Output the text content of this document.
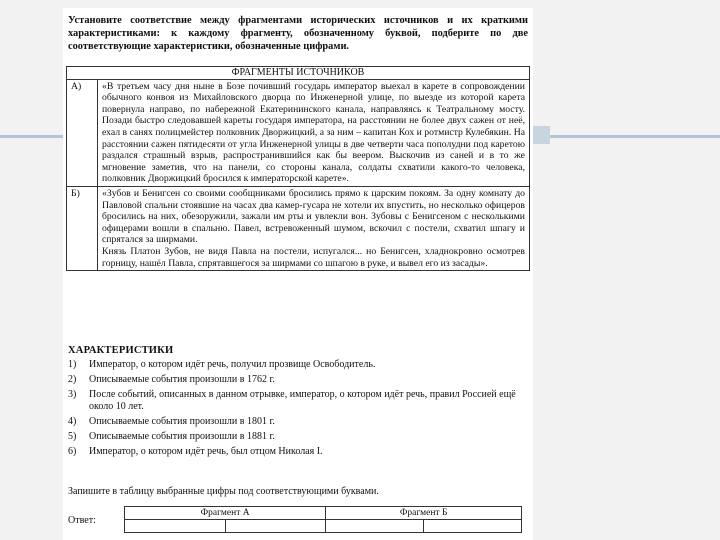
Установите соответствие между фрагментами исторических источников и их краткими характеристиками: к каждому фрагменту, обозначенному буквой, подберите по две соответствующие характеристики, обозначенные цифрами.
ФРАГМЕНТЫ ИСТОЧНИКОВ	
А)	«В третьем часу дня ныне в Бозе почивший государь император выехал в карете в сопровождении обычного конвоя из Михайловского дворца по Инженерной улице, по выезде из которой карета повернула направо, по набережной Екатерининского канала, направляясь к Театральному мосту. Позади быстро следовавшей кареты государя императора, на расстоянии не более двух сажен от неё, ехал в санях полицмейстер полковник Дворжицкий, а за ним – капитан Кох и ротмистр Кулебякин. На расстоянии сажен пятидесяти от угла Инженерной улицы в две четверти часа пополудни под каретою раздался страшный взрыв, распространившийся как бы веером. Выскочив из саней и в то же мгновение заметив, что на панели, со стороны канала, солдаты схватили какого-то человека, полковник Дворжицкий бросился к императорской карете».

Б)	«Зубов и Бенигсен со своими сообщниками бросились прямо к царским покоям. За одну комнату до Павловой спальни стоявшие на часах два камер-гусара не хотели их впустить, но несколько офицеров бросились на них, обезоружили, зажали им рты и увлекли вон. Зубовы с Бенигсеном с несколькими офицерами вошли в спальню. Павел, встревоженный шумом, вскочил с постели, схватил шпагу и спрятался за ширмами.

Князь Платон Зубов, не видя Павла на постели, испугался... но Бенигсен, хладнокровно осмотрев горницу, нашёл Павла, спрятавшегося за ширмами со шпагою в руке, и вывел его из засады».

ХАРАКТЕРИСТИКИ
1)	Император, о котором идёт речь, получил прозвище Освободитель.
2)	Описываемые события произошли в 1762 г.
3)	После событий, описанных в данном отрывке, император, о котором идёт речь, правил Россией ещё около 10 лет.
4)	Описываемые события произошли в 1801 г.
5)	Описываемые события произошли в 1881 г.
6)	Император, о котором идёт речь, был отцом Николая I.
Запишите в таблицу выбранные цифры под соответствующими буквами.
Ответ:
Фрагмент А		Фрагмент Б	
